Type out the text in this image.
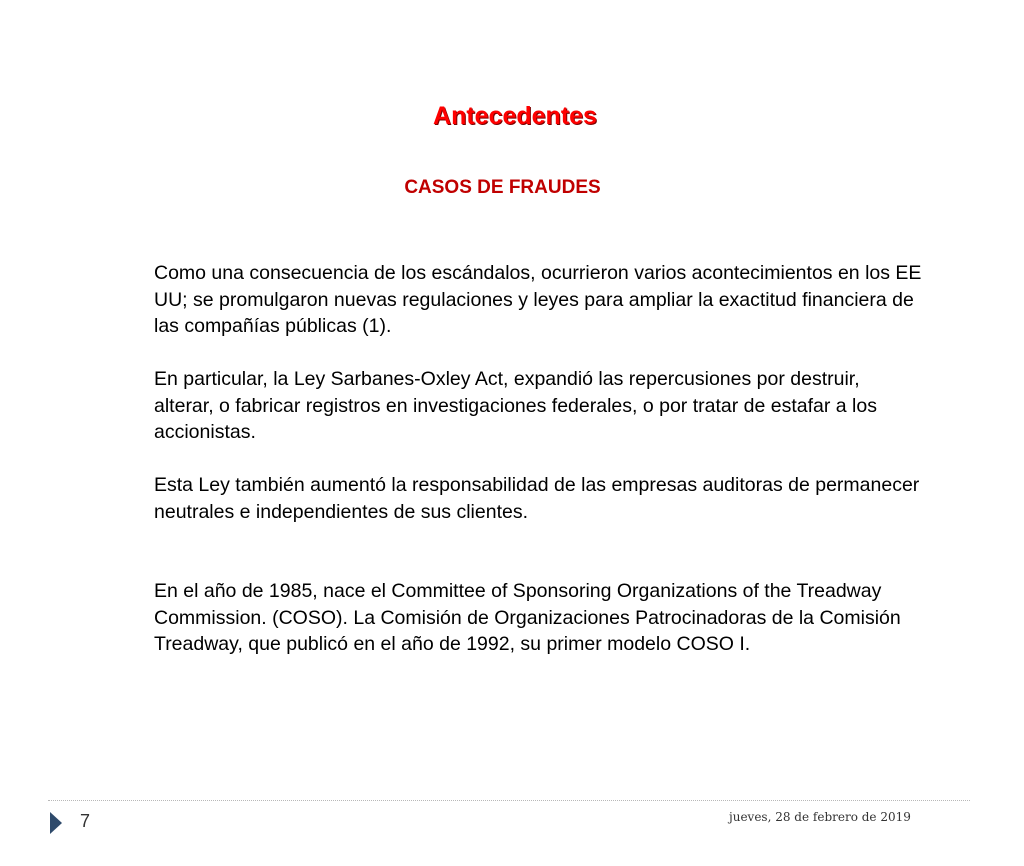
Antecedentes
CASOS DE FRAUDES

Como una consecuencia de los escándalos, ocurrieron varios acontecimientos en los EE UU; se promulgaron nuevas regulaciones y leyes para ampliar la exactitud financiera de las compañías públicas (1).

En particular, la Ley Sarbanes-Oxley Act, expandió las repercusiones por destruir, alterar, o fabricar registros en investigaciones federales, o por tratar de estafar a los accionistas.

Esta Ley también aumentó la responsabilidad de las empresas auditoras de permanecer neutrales e independientes de sus clientes.

En el año de 1985, nace el Committee of Sponsoring Organizations of the Treadway Commission. (COSO). La Comisión de Organizaciones Patrocinadoras de la Comisión Treadway, que publicó en el año de 1992, su primer modelo COSO I.

7	jueves, 28 de febrero de 2019
